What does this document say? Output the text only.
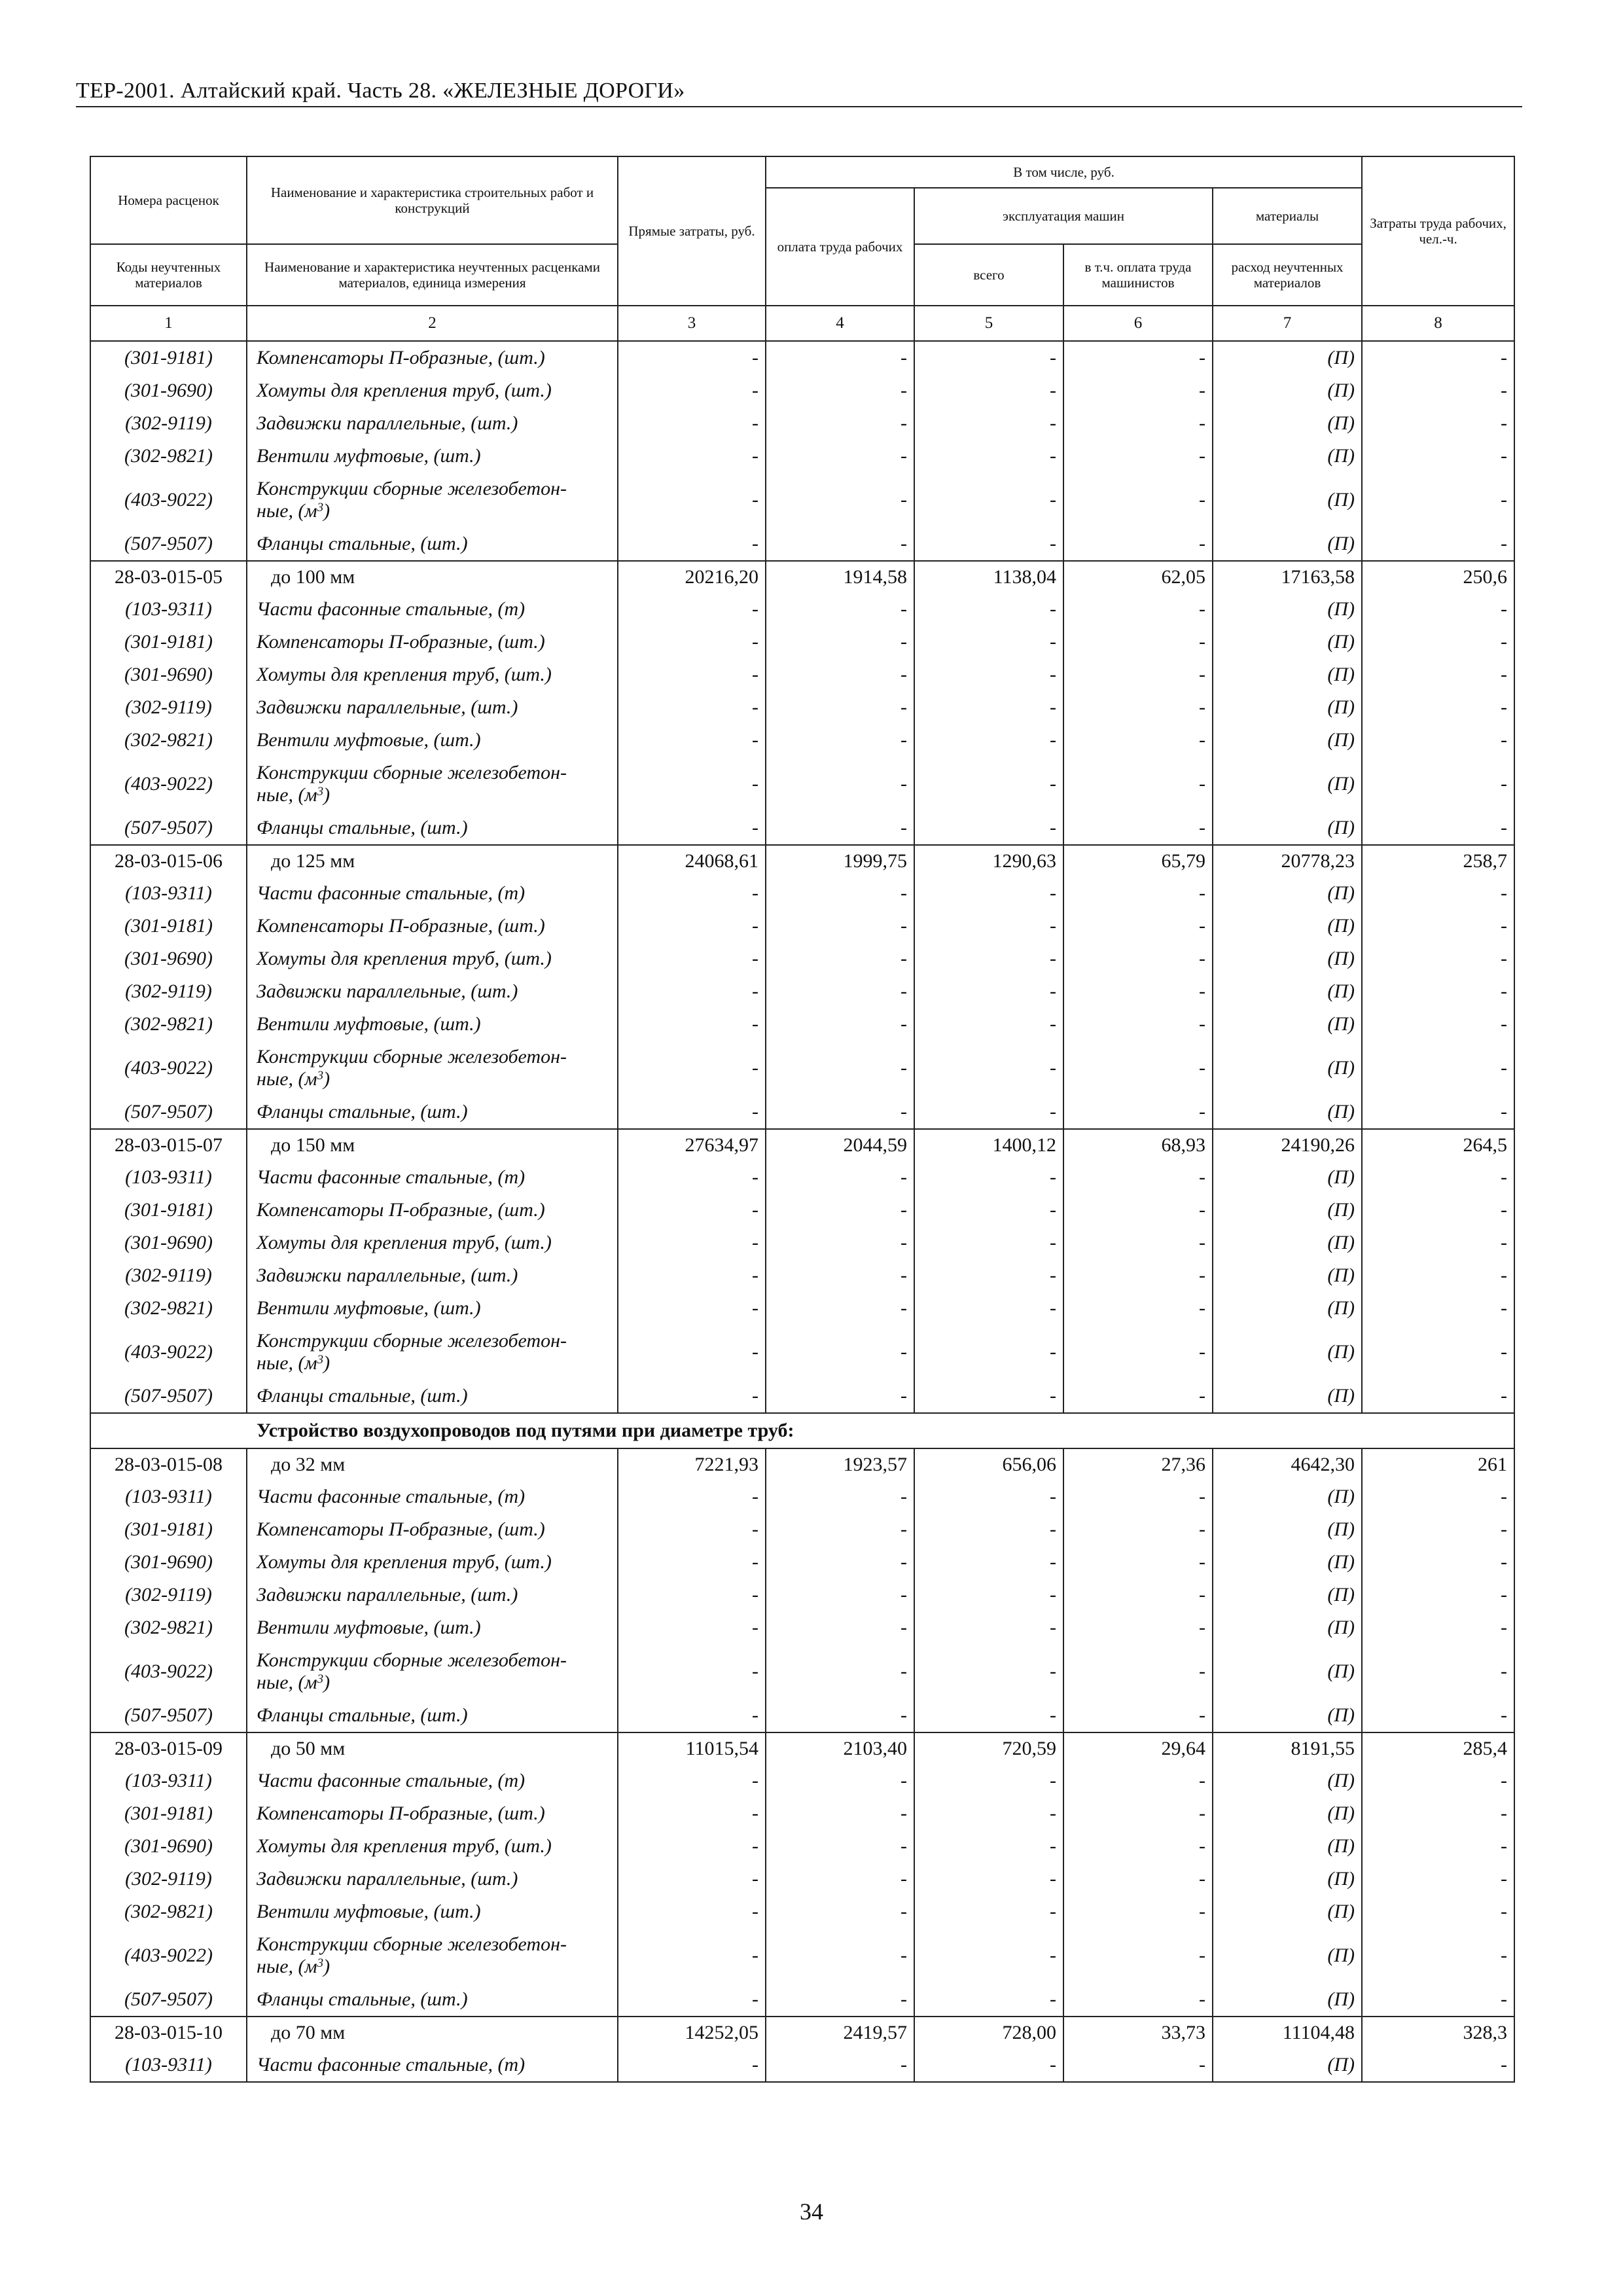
ТЕР-2001. Алтайский край. Часть 28. «ЖЕЛЕЗНЫЕ ДОРОГИ»
Номера расценок	Наименование и характеристика строительных работ и конструкций	Прямые затраты, руб.	В том числе, руб.				Затраты труда рабочих, чел.-ч.
			оплата труда рабочих	эксплуатация машин		материалы	
Коды неучтенных материалов	Наименование и характеристика неучтенных расценками материалов, единица измерения			всего	в т.ч. оплата труда машинистов	расход неучтенных материалов	
1	2	3	4	5	6	7	8
(301-9181)	Компенсаторы П-образные, (шт.)	-	-	-	-	(П)	-
(301-9690)	Хомуты для крепления труб, (шт.)	-	-	-	-	(П)	-
(302-9119)	Задвижки параллельные, (шт.)	-	-	-	-	(П)	-
(302-9821)	Вентили муфтовые, (шт.)	-	-	-	-	(П)	-
(403-9022)	Конструкции сборные железобетон-
ные, $(м^3)$	-	-	-	-	(П)	-
(507-9507)	Фланцы стальные, (шт.)	-	-	-	-	(П)	-
28-03-015-05	до 100 мм	20216,20	1914,58	1138,04	62,05	17163,58	250,6
(103-9311)	Части фасонные стальные, (т)	-	-	-	-	(П)	-
(301-9181)	Компенсаторы П-образные, (шт.)	-	-	-	-	(П)	-
(301-9690)	Хомуты для крепления труб, (шт.)	-	-	-	-	(П)	-
(302-9119)	Задвижки параллельные, (шт.)	-	-	-	-	(П)	-
(302-9821)	Вентили муфтовые, (шт.)	-	-	-	-	(П)	-
(403-9022)	Конструкции сборные железобетон-
ные, $(м^3)$	-	-	-	-	(П)	-
(507-9507)	Фланцы стальные, (шт.)	-	-	-	-	(П)	-
28-03-015-06	до 125 мм	24068,61	1999,75	1290,63	65,79	20778,23	258,7
(103-9311)	Части фасонные стальные, (т)	-	-	-	-	(П)	-
(301-9181)	Компенсаторы П-образные, (шт.)	-	-	-	-	(П)	-
(301-9690)	Хомуты для крепления труб, (шт.)	-	-	-	-	(П)	-
(302-9119)	Задвижки параллельные, (шт.)	-	-	-	-	(П)	-
(302-9821)	Вентили муфтовые, (шт.)	-	-	-	-	(П)	-
(403-9022)	Конструкции сборные железобетон-
ные, $(м^3)$	-	-	-	-	(П)	-
(507-9507)	Фланцы стальные, (шт.)	-	-	-	-	(П)	-
28-03-015-07	до 150 мм	27634,97	2044,59	1400,12	68,93	24190,26	264,5
(103-9311)	Части фасонные стальные, (т)	-	-	-	-	(П)	-
(301-9181)	Компенсаторы П-образные, (шт.)	-	-	-	-	(П)	-
(301-9690)	Хомуты для крепления труб, (шт.)	-	-	-	-	(П)	-
(302-9119)	Задвижки параллельные, (шт.)	-	-	-	-	(П)	-
(302-9821)	Вентили муфтовые, (шт.)	-	-	-	-	(П)	-
(403-9022)	Конструкции сборные железобетон-
ные, $(м^3)$	-	-	-	-	(П)	-
(507-9507)	Фланцы стальные, (шт.)	-	-	-	-	(П)	-
Устройство воздухопроводов под путями при диаметре труб:							
28-03-015-08	до 32 мм	7221,93	1923,57	656,06	27,36	4642,30	261
(103-9311)	Части фасонные стальные, (т)	-	-	-	-	(П)	-
(301-9181)	Компенсаторы П-образные, (шт.)	-	-	-	-	(П)	-
(301-9690)	Хомуты для крепления труб, (шт.)	-	-	-	-	(П)	-
(302-9119)	Задвижки параллельные, (шт.)	-	-	-	-	(П)	-
(302-9821)	Вентили муфтовые, (шт.)	-	-	-	-	(П)	-
(403-9022)	Конструкции сборные железобетон-
ные, $(м^3)$	-	-	-	-	(П)	-
(507-9507)	Фланцы стальные, (шт.)	-	-	-	-	(П)	-
28-03-015-09	до 50 мм	11015,54	2103,40	720,59	29,64	8191,55	285,4
(103-9311)	Части фасонные стальные, (т)	-	-	-	-	(П)	-
(301-9181)	Компенсаторы П-образные, (шт.)	-	-	-	-	(П)	-
(301-9690)	Хомуты для крепления труб, (шт.)	-	-	-	-	(П)	-
(302-9119)	Задвижки параллельные, (шт.)	-	-	-	-	(П)	-
(302-9821)	Вентили муфтовые, (шт.)	-	-	-	-	(П)	-
(403-9022)	Конструкции сборные железобетон-
ные, $(м^3)$	-	-	-	-	(П)	-
(507-9507)	Фланцы стальные, (шт.)	-	-	-	-	(П)	-
28-03-015-10	до 70 мм	14252,05	2419,57	728,00	33,73	11104,48	328,3
(103-9311)	Части фасонные стальные, (т)	-	-	-	-	(П)	-
34
